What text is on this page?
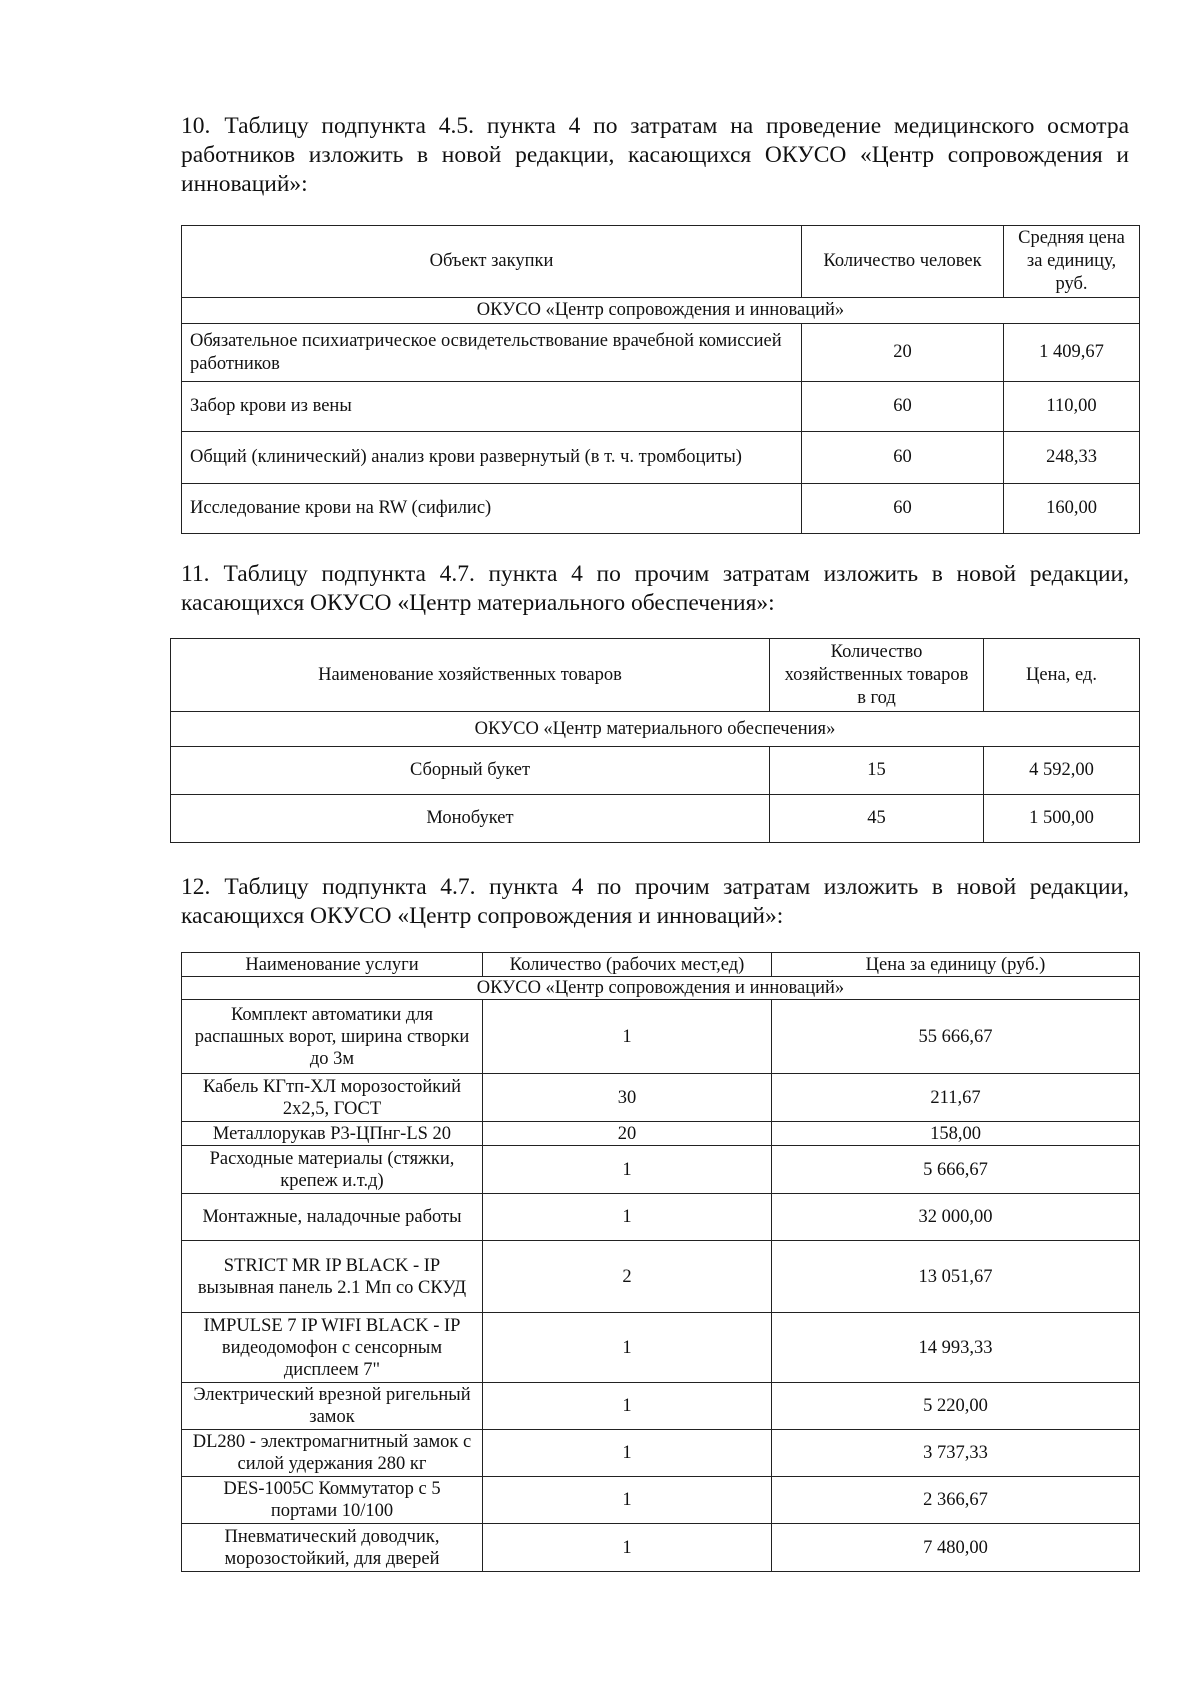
10. Таблицу подпункта 4.5. пункта 4 по затратам на проведение медицинского осмотра работников изложить в новой редакции, касающихся ОКУСО «Центр сопровождения и инноваций»:

Объект закупки	Количество человек	Средняя цена за единицу, руб.
ОКУСО «Центр сопровождения и инноваций»		
Обязательное психиатрическое освидетельствование врачебной комиссией работников	20	1 409,67
Забор крови из вены	60	110,00
Общий (клинический) анализ крови развернутый (в т. ч. тромбоциты)	60	248,33
Исследование крови на RW (сифилис)	60	160,00

11. Таблицу подпункта 4.7. пункта 4 по прочим затратам изложить в новой редакции, касающихся ОКУСО «Центр материального обеспечения»:

Наименование хозяйственных товаров	Количество хозяйственных товаров в год	Цена, ед.
ОКУСО «Центр материального обеспечения»		
Сборный букет	15	4 592,00
Монобукет	45	1 500,00

12. Таблицу подпункта 4.7. пункта 4 по прочим затратам изложить в новой редакции, касающихся ОКУСО «Центр сопровождения и инноваций»:

Наименование услуги	Количество (рабочих мест,ед)	Цена за единицу (руб.)
ОКУСО «Центр сопровождения и инноваций»		
Комплект автоматики для распашных ворот, ширина створки до 3м	1	55 666,67
Кабель КГтп-ХЛ морозостойкий 2х2,5, ГОСТ	30	211,67
Металлорукав Р3-ЦПнг-LS 20	20	158,00
Расходные материалы (стяжки, крепеж и.т.д)	1	5 666,67
Монтажные, наладочные работы	1	32 000,00
STRICT MR IP BLACK - IP вызывная панель 2.1 Мп со СКУД	2	13 051,67
IMPULSE 7 IP WIFI BLACK - IP видеодомофон с сенсорным дисплеем 7"	1	14 993,33
Электрический врезной ригельный замок	1	5 220,00
DL280 - электромагнитный замок с силой удержания 280 кг	1	3 737,33
DES-1005C Коммутатор с 5 портами 10/100	1	2 366,67
Пневматический доводчик, морозостойкий, для дверей	1	7 480,00
